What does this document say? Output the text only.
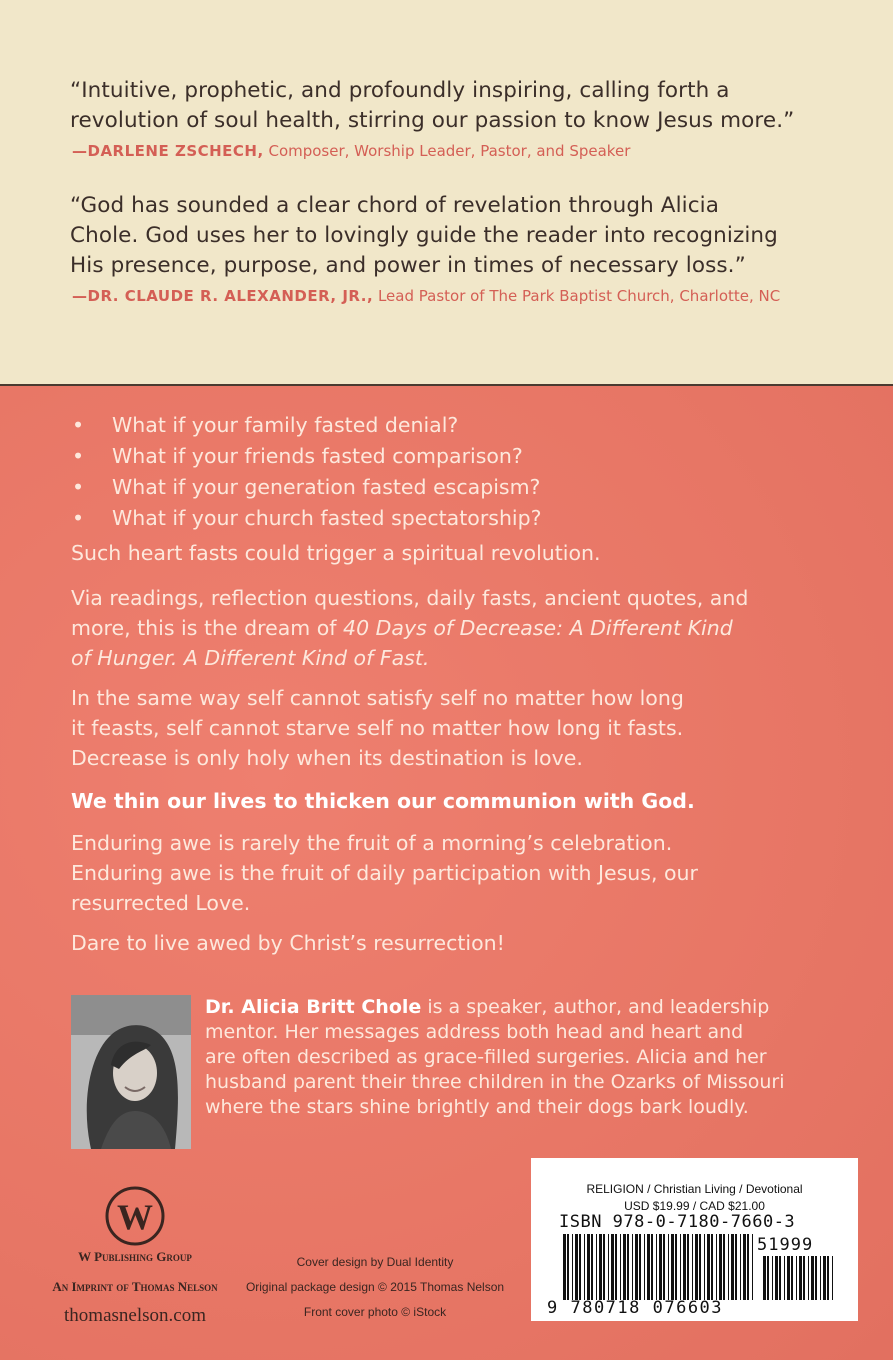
“Intuitive, prophetic, and profoundly inspiring, calling forth a
revolution of soul health, stirring our passion to know Jesus more.”
—DARLENE ZSCHECH, Composer, Worship Leader, Pastor, and Speaker
“God has sounded a clear chord of revelation through Alicia
Chole. God uses her to lovingly guide the reader into recognizing
His presence, purpose, and power in times of necessary loss.”
—DR. CLAUDE R. ALEXANDER, JR., Lead Pastor of The Park Baptist Church, Charlotte, NC
• What if your family fasted denial?
• What if your friends fasted comparison?
• What if your generation fasted escapism?
• What if your church fasted spectatorship?
Such heart fasts could trigger a spiritual revolution.
Via readings, reflection questions, daily fasts, ancient quotes, and
more, this is the dream of 40 Days of Decrease: A Different Kind
of Hunger. A Different Kind of Fast.
In the same way self cannot satisfy self no matter how long
it feasts, self cannot starve self no matter how long it fasts.
Decrease is only holy when its destination is love.
We thin our lives to thicken our communion with God.
Enduring awe is rarely the fruit of a morning’s celebration.
Enduring awe is the fruit of daily participation with Jesus, our
resurrected Love.
Dare to live awed by Christ’s resurrection!
Dr. Alicia Britt Chole is a speaker, author, and leadership
mentor. Her messages address both head and heart and
are often described as grace-filled surgeries. Alicia and her
husband parent their three children in the Ozarks of Missouri
where the stars shine brightly and their dogs bark loudly.
W
W Publishing Group
An Imprint of Thomas Nelson
thomasnelson.com
Cover design by Dual Identity
Original package design © 2015 Thomas Nelson
Front cover photo © iStock
RELIGION / Christian Living / Devotional
USD $19.99 / CAD $21.00
ISBN 978-0-7180-7660-3
51999
9 780718 076603
